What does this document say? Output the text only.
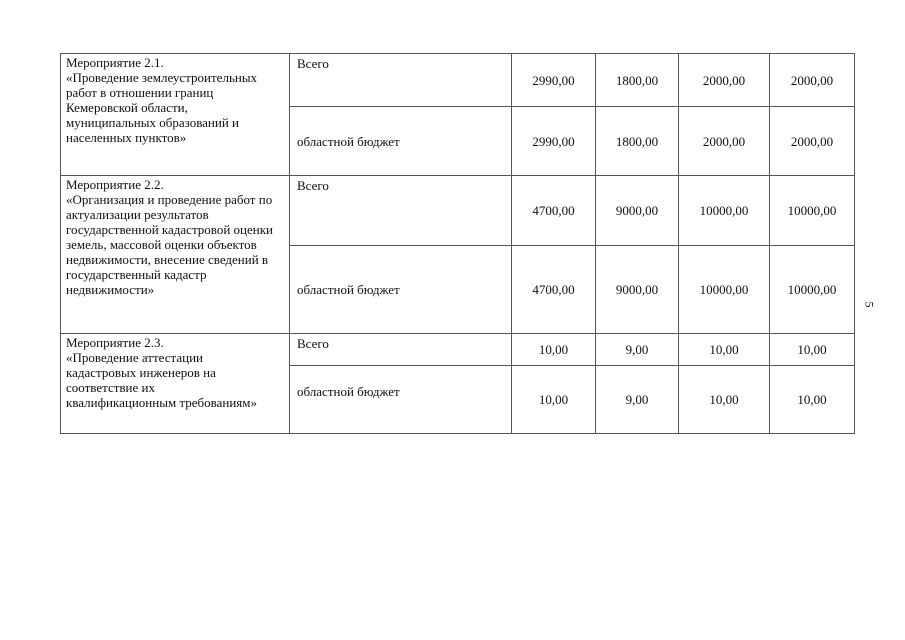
Мероприятие 2.1.
«Проведение землеустроительных работ в отношении границ Кемеровской области, муниципальных образований и населенных пунктов»	Всего	2990,00	1800,00	2000,00	2000,00
	областной бюджет	2990,00	1800,00	2000,00	2000,00

Мероприятие 2.2.
«Организация и проведение работ по актуализации результатов государственной кадастровой оценки земель, массовой оценки объектов недвижимости, внесение сведений в государственный кадастр недвижимости»	Всего	4700,00	9000,00	10000,00	10000,00
	областной бюджет	4700,00	9000,00	10000,00	10000,00

Мероприятие 2.3.
«Проведение аттестации кадастровых инженеров на соответствие их квалификационным требованиям»	Всего	10,00	9,00	10,00	10,00
	областной бюджет	10,00	9,00	10,00	10,00
5
